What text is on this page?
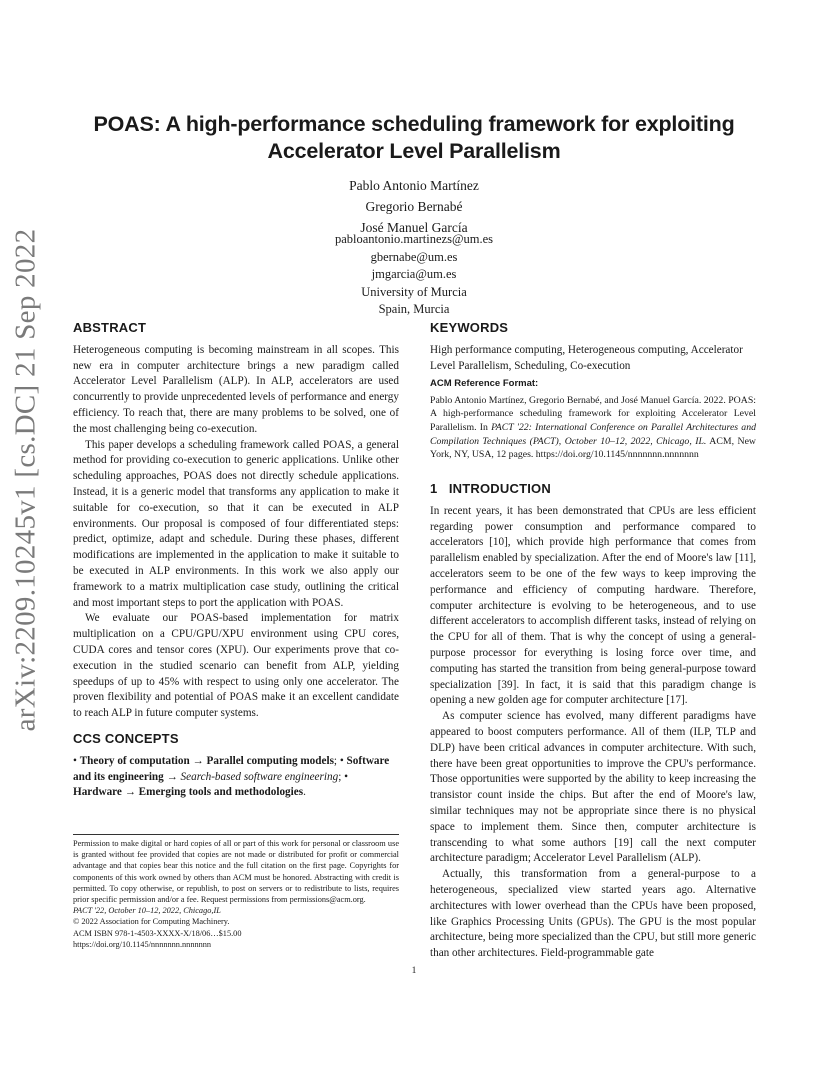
arXiv:2209.10245v1 [cs.DC] 21 Sep 2022
POAS: A high-performance scheduling framework for exploiting
Accelerator Level Parallelism
Pablo Antonio Martínez
Gregorio Bernabé
José Manuel García
pabloantonio.martinezs@um.es
gbernabe@um.es
jmgarcia@um.es
University of Murcia
Spain, Murcia
ABSTRACT

Heterogeneous computing is becoming mainstream in all scopes. This new era in computer architecture brings a new paradigm called Accelerator Level Parallelism (ALP). In ALP, accelerators are used concurrently to provide unprecedented levels of performance and energy efficiency. To reach that, there are many problems to be solved, one of the most challenging being co-execution.

This paper develops a scheduling framework called POAS, a general method for providing co-execution to generic applications. Unlike other scheduling approaches, POAS does not directly schedule applications. Instead, it is a generic model that transforms any application to make it suitable for co-execution, so that it can be executed in ALP environments. Our proposal is composed of four differentiated steps: predict, optimize, adapt and schedule. During these phases, different modifications are implemented in the application to make it suitable to be executed in ALP environments. In this work we also apply our framework to a matrix multiplication case study, outlining the critical and most important steps to port the application with POAS.

We evaluate our POAS-based implementation for matrix multiplication on a CPU/GPU/XPU environment using CPU cores, CUDA cores and tensor cores (XPU). Our experiments prove that co-execution in the studied scenario can benefit from ALP, yielding speedups of up to 45% with respect to using only one accelerator. The proven flexibility and potential of POAS make it an excellent candidate to reach ALP in future computer systems.

CCS CONCEPTS

• Theory of computation → Parallel computing models; • Software and its engineering → Search-based software engineering; • Hardware → Emerging tools and methodologies.

Permission to make digital or hard copies of all or part of this work for personal or classroom use is granted without fee provided that copies are not made or distributed for profit or commercial advantage and that copies bear this notice and the full citation on the first page. Copyrights for components of this work owned by others than ACM must be honored. Abstracting with credit is permitted. To copy otherwise, or republish, to post on servers or to redistribute to lists, requires prior specific permission and/or a fee. Request permissions from permissions@acm.org.

PACT '22, October 10–12, 2022, Chicago,IL

© 2022 Association for Computing Machinery.

ACM ISBN 978-1-4503-XXXX-X/18/06…$15.00

https://doi.org/10.1145/nnnnnnn.nnnnnnn

KEYWORDS

High performance computing, Heterogeneous computing, Accelerator Level Parallelism, Scheduling, Co-execution

ACM Reference Format:

Pablo Antonio Martínez, Gregorio Bernabé, and José Manuel García. 2022. POAS: A high-performance scheduling framework for exploiting Accelerator Level Parallelism. In PACT '22: International Conference on Parallel Architectures and Compilation Techniques (PACT), October 10–12, 2022, Chicago, IL. ACM, New York, NY, USA, 12 pages. https://doi.org/10.1145/nnnnnnn.nnnnnnn

1   INTRODUCTION

In recent years, it has been demonstrated that CPUs are less efficient regarding power consumption and performance compared to accelerators [10], which provide high performance that comes from parallelism enabled by specialization. After the end of Moore's law [11], accelerators seem to be one of the few ways to keep improving the performance and efficiency of computing hardware. Therefore, computer architecture is evolving to be heterogeneous, and to use different accelerators to accomplish different tasks, instead of relying on the CPU for all of them. That is why the concept of using a general-purpose processor for everything is losing force over time, and computing has started the transition from being general-purpose toward specialization [39]. In fact, it is said that this paradigm change is opening a new golden age for computer architecture [17].

As computer science has evolved, many different paradigms have appeared to boost computers performance. All of them (ILP, TLP and DLP) have been critical advances in computer architecture. With such, there have been great opportunities to improve the CPU's performance. Those opportunities were supported by the ability to keep increasing the transistor count inside the chips. But after the end of Moore's law, similar techniques may not be appropriate since there is no physical space to implement them. Since then, computer architecture is transcending to what some authors [19] call the next computer architecture paradigm; Accelerator Level Parallelism (ALP).

Actually, this transformation from a general-purpose to a heterogeneous, specialized view started years ago. Alternative architectures with lower overhead than the CPUs have been proposed, like Graphics Processing Units (GPUs). The GPU is the most popular architecture, being more specialized than the CPU, but still more generic than other architectures. Field-programmable gate

1
